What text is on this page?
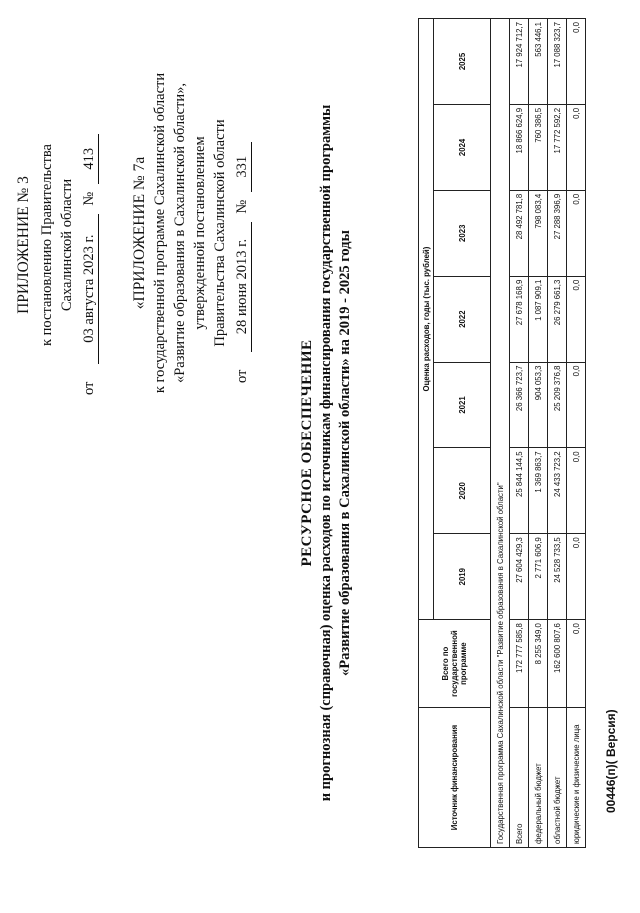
ПРИЛОЖЕНИЕ № 3 к постановлению Правительства Сахалинской области
от
03 августа 2023 г.
№
413 «ПРИЛОЖЕНИЕ № 7а к государственной программе Сахалинской области «Развитие образования в Сахалинской области», утвержденной постановлением Правительства Сахалинской области
от
28 июня 2013 г.
№
331
РЕСУРСНОЕ ОБЕСПЕЧЕНИЕ и прогнозная (справочная) оценка расходов по источникам финансирования государственной программы «Развитие образования в Сахалинской области» на 2019 - 2025 годы
Источник финансирования	Всего по государственной программе	Оценка расходов, годы (тыс. рублей)						
		2019	2020	2021	2022	2023	2024	2025
Государственная программа Сахалинской области "Развитие образования в Сахалинской области"								
Всего	172 777 585,8	27 604 429,3	25 844 144,5	26 366 723,7	27 678 168,9	28 492 781,8	18 866 624,9	17 924 712,7
федеральный бюджет	8 255 349,0	2 771 606,9	1 369 863,7	904 053,3	1 087 909,1	798 083,4	760 386,5	563 446,1
областной бюджет	162 600 807,6	24 528 733,5	24 433 723,2	25 209 376,8	26 279 661,3	27 288 396,9	17 772 592,2	17 088 323,7
юридические и физические лица	0,0	0,0	0,0	0,0	0,0	0,0	0,0	0,0
00446(п)( Версия)
